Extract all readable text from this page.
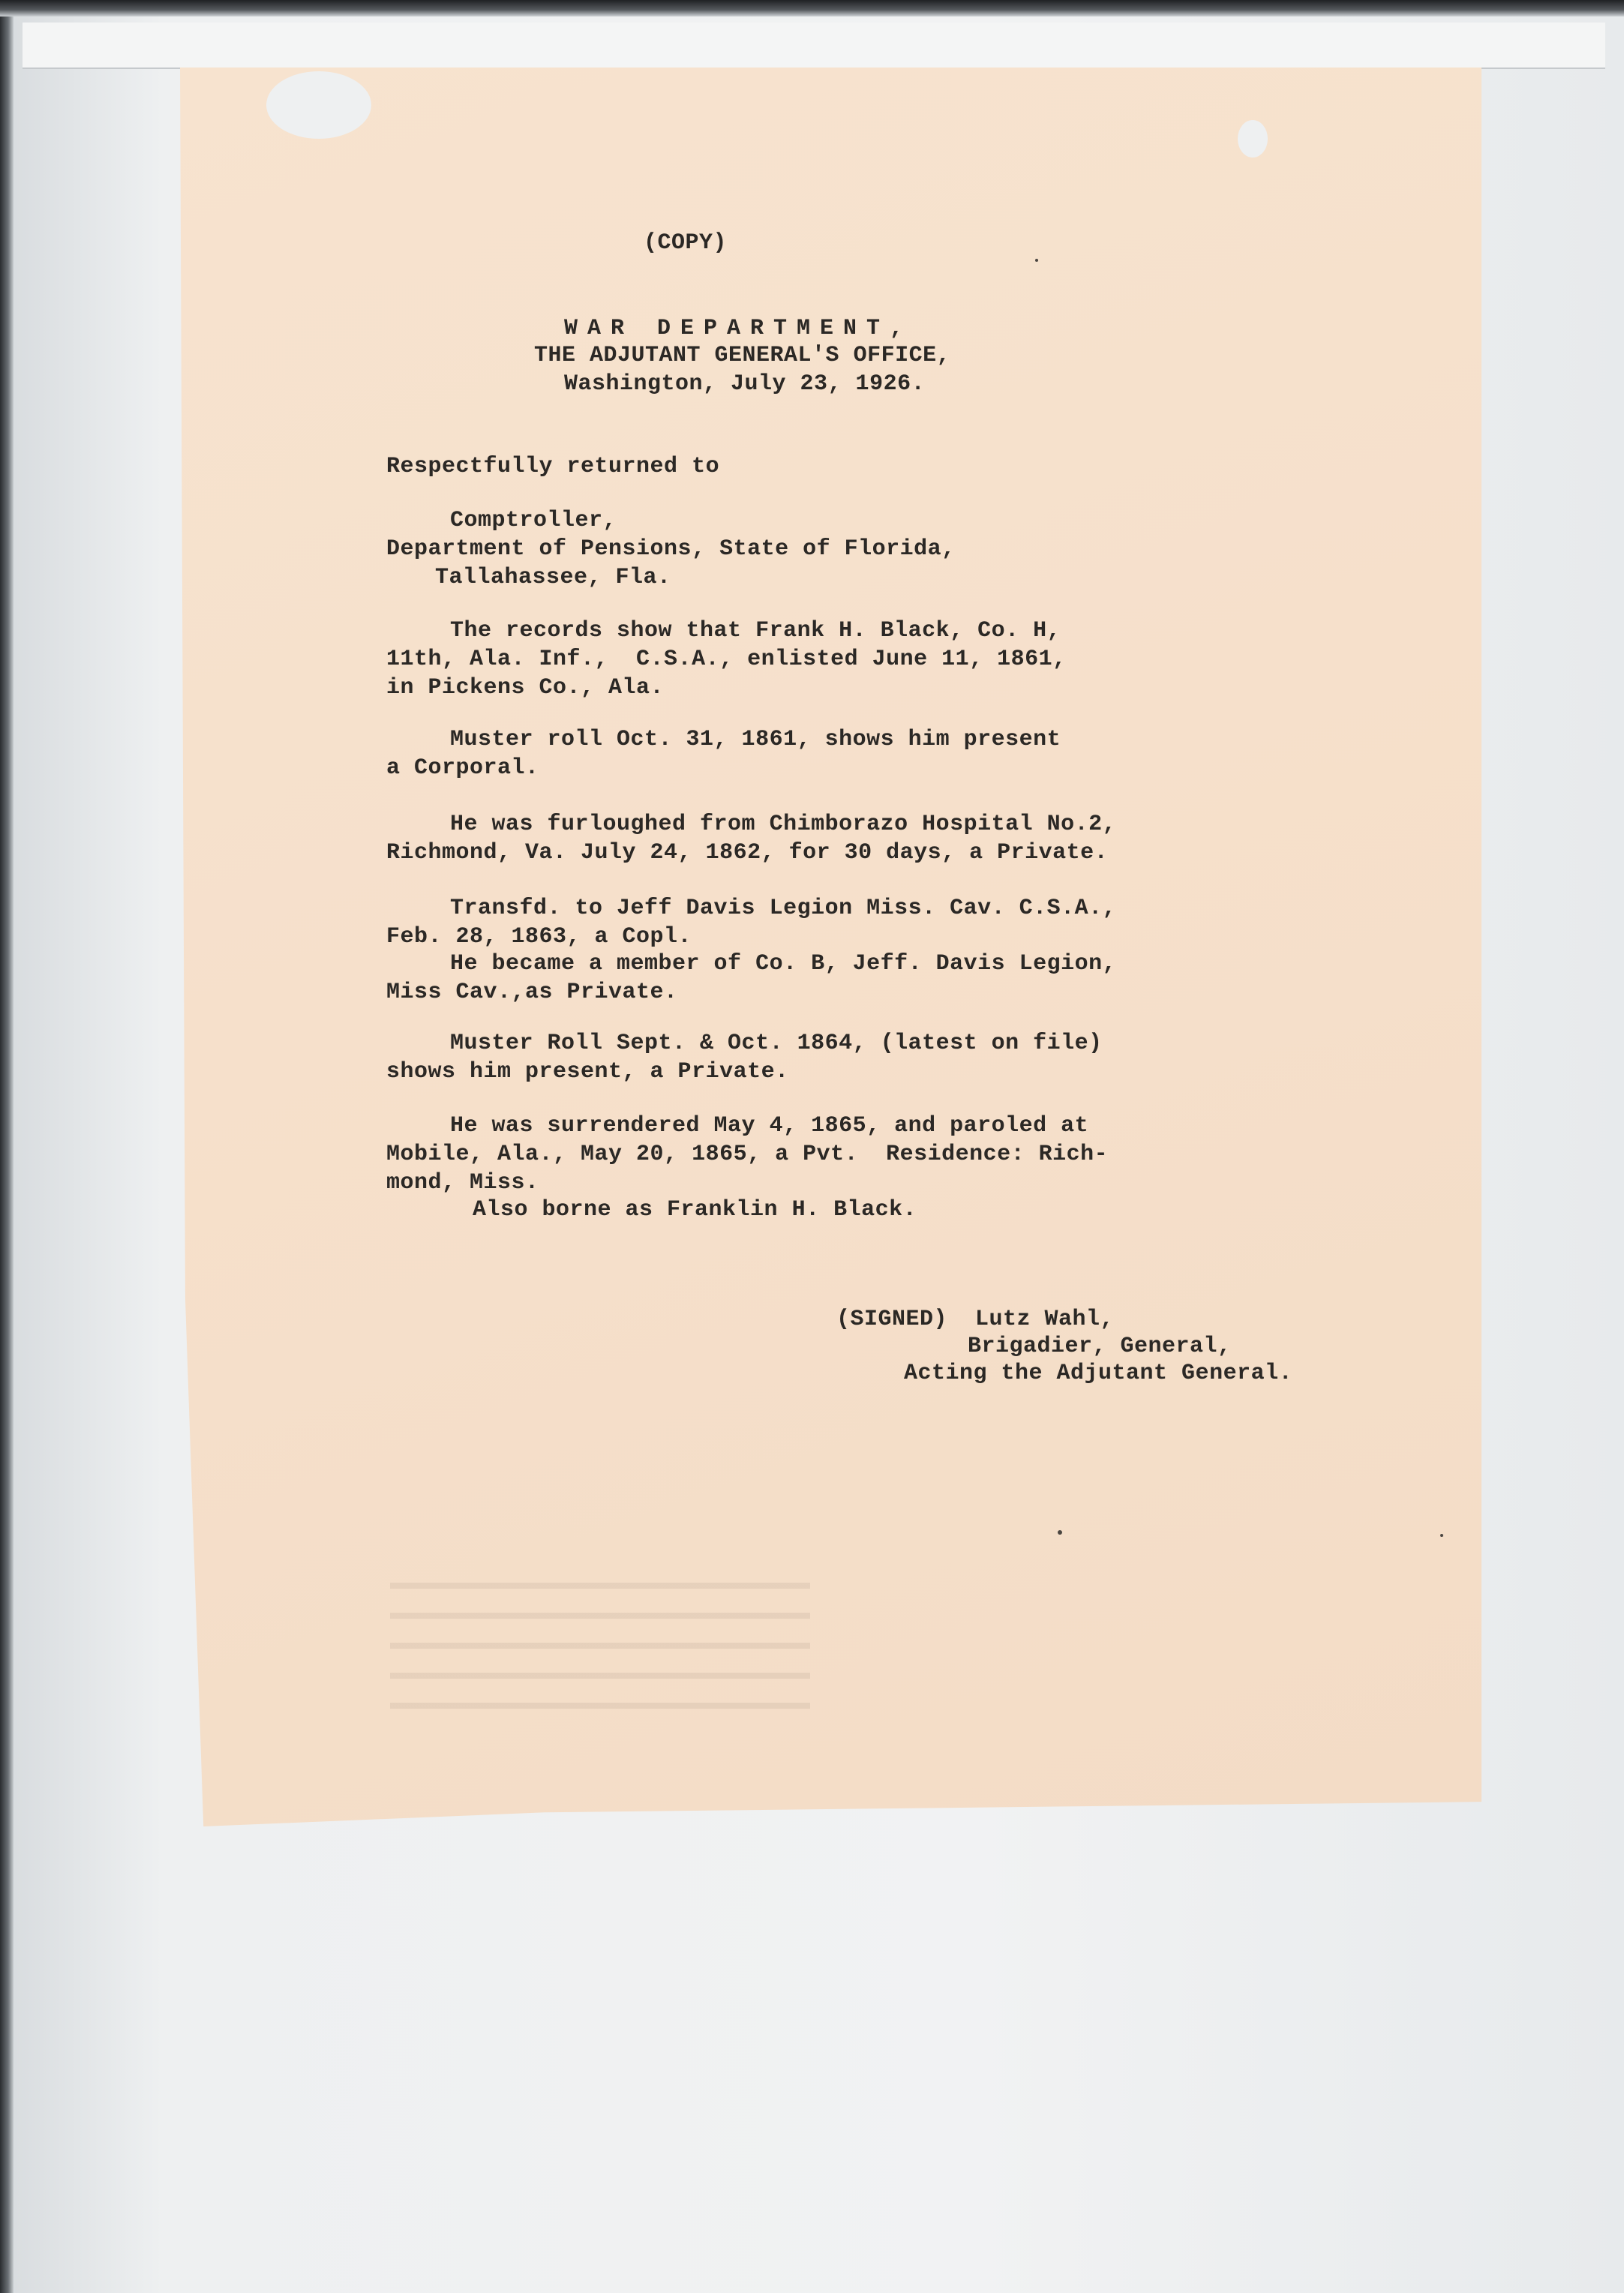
(COPY)
WAR DEPARTMENT,
THE ADJUTANT GENERAL'S OFFICE,
Washington, July 23, 1926.
Respectfully returned to
Comptroller,
Department of Pensions, State of Florida,
Tallahassee, Fla.
The records show that Frank H. Black, Co. H,
11th, Ala. Inf.,  C.S.A., enlisted June 11, 1861,
in Pickens Co., Ala.
Muster roll Oct. 31, 1861, shows him present
a Corporal.
He was furloughed from Chimborazo Hospital No.2,
Richmond, Va. July 24, 1862, for 30 days, a Private.
Transfd. to Jeff Davis Legion Miss. Cav. C.S.A.,
Feb. 28, 1863, a Copl.
He became a member of Co. B, Jeff. Davis Legion,
Miss Cav.,as Private.
Muster Roll Sept. & Oct. 1864, (latest on file)
shows him present, a Private.
He was surrendered May 4, 1865, and paroled at
Mobile, Ala., May 20, 1865, a Pvt.  Residence: Rich-
mond, Miss.
Also borne as Franklin H. Black.
(SIGNED)  Lutz Wahl,
Brigadier, General,
Acting the Adjutant General.
